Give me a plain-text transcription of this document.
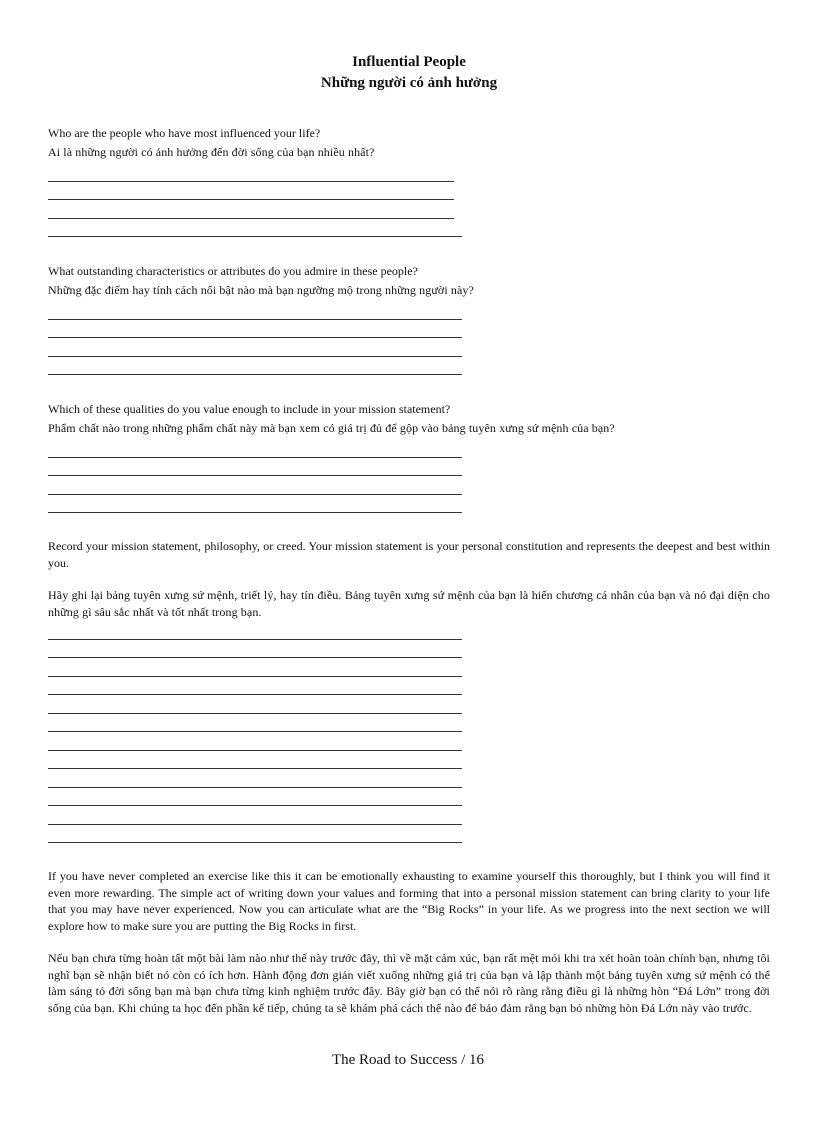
Influential People
Những người có ảnh hưởng

Who are the people who have most influenced your life?

Ai là những người có ảnh hưởng đến đời sống của bạn nhiều nhất?

What outstanding characteristics or attributes do you admire in these people?

Những đặc điểm hay tính cách nổi bật nào mà bạn ngưỡng mộ trong những người này?

Which of these qualities do you value enough to include in your mission statement?

Phẩm chất nào trong những phẩm chất này mà bạn xem có giá trị đủ để gộp vào bảng tuyên xưng sứ mệnh của bạn?

Record your mission statement, philosophy, or creed. Your mission statement is your personal constitution and represents the deepest and best within you.

Hãy ghi lại bảng tuyên xưng sứ mệnh, triết lý, hay tín điều. Bảng tuyên xưng sứ mệnh của bạn là hiến chương cá nhân của bạn và nó đại diện cho những gì sâu sắc nhất và tốt nhất trong bạn.

If you have never completed an exercise like this it can be emotionally exhausting to examine yourself this thoroughly, but I think you will find it even more rewarding. The simple act of writing down your values and forming that into a personal mission statement can bring clarity to your life that you may have never experienced. Now you can articulate what are the “Big Rocks” in your life. As we progress into the next section we will explore how to make sure you are putting the Big Rocks in first.

Nếu bạn chưa từng hoàn tất một bài làm nào như thế này trước đây, thì về mặt cảm xúc, bạn rất mệt mỏi khi tra xét hoàn toàn chính bạn, nhưng tôi nghĩ bạn sẽ nhận biết nó còn có ích hơn. Hành động đơn giản viết xuống những giá trị của bạn và lập thành một bảng tuyên xưng sứ mệnh có thể làm sáng tỏ đời sống bạn mà bạn chưa từng kinh nghiệm trước đây. Bây giờ bạn có thể nói rõ ràng rằng điều gì là những hòn “Đá Lớn” trong đời sống của bạn. Khi chúng ta học đến phần kế tiếp, chúng ta sẽ khám phá cách thể nào để bảo đảm rằng bạn bỏ những hòn Đá Lớn này vào trước.

The Road to Success / 16
